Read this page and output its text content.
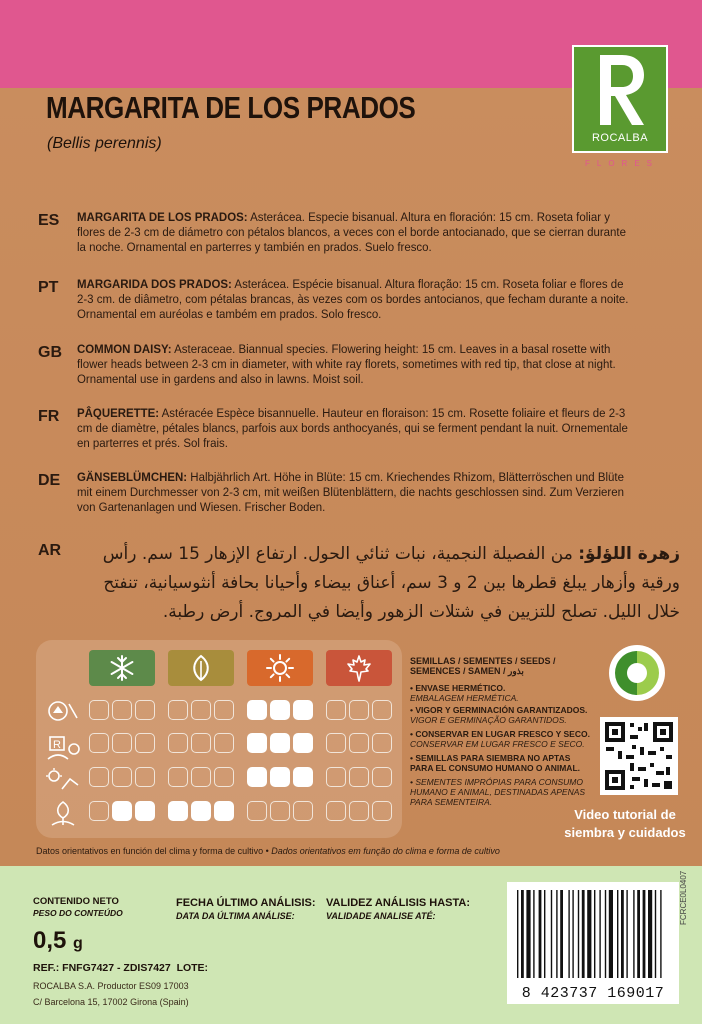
MARGARITA DE LOS PRADOS
(Bellis perennis)	ROCALBA
FLORES
ES MARGARITA DE LOS PRADOS: Asterácea. Especie bisanual. Altura en floración: 15 cm. Roseta foliar y flores de 2-3 cm de diámetro con pétalos blancos, a veces con el borde antocianado, que se cierran durante la noche. Ornamental en parterres y también en prados. Suelo fresco.
PT MARGARIDA DOS PRADOS: Asterácea. Espécie bisanual. Altura floração: 15 cm. Roseta foliar e flores de 2-3 cm. de diâmetro, com pétalas brancas, às vezes com os bordes antocianos, que fecham durante a noite. Ornamental em auréolas e também em prados. Solo fresco.
GB COMMON DAISY: Asteraceae. Biannual species. Flowering height: 15 cm. Leaves in a basal rosette with flower heads between 2-3 cm in diameter, with white ray florets, sometimes with red tip, that close at night. Ornamental use in gardens and also in lawns. Moist soil.
FR PÂQUERETTE: Astéracée Espèce bisannuelle. Hauteur en floraison: 15 cm. Rosette foliaire et fleurs de 2-3 cm de diamètre, pétales blancs, parfois aux bords anthocyanés, qui se ferment pendant la nuit. Ornementale en parterres et prés. Sol frais.
DE GÄNSEBLÜMCHEN: Halbjährlich Art. Höhe in Blüte: 15 cm. Kriechendes Rhizom, Blätterröschen und Blüte mit einem Durchmesser von 2-3 cm, mit weißen Blütenblättern, die nachts geschlossen sind. Zum Verzieren von Gartenanlagen und Wiesen. Frischer Boden.
AR	زهرة اللؤلؤ: من الفصيلة النجمية، نبات ثنائي الحول. ارتفاع الإزهار 15 سم. رأس ورقية وأزهار يبلغ قطرها بين 2 و 3 سم، أعناق بيضاء وأحيانا بحافة أنثوسيانية، تنفتح خلال الليل. تصلح للتزيين في شتلات الزهور وأيضا في المروج. أرض رطبة.
R
SEMILLAS / SEMENTES / SEEDS / SEMENCES / SAMEN / بذور
• ENVASE HERMÉTICO.
EMBALAGEM HERMÉTICA.
• VIGOR Y GERMINACIÓN GARANTIZADOS.
VIGOR E GERMINAÇÃO GARANTIDOS.
• CONSERVAR EN LUGAR FRESCO Y SECO.
CONSERVAR EM LUGAR FRESCO E SECO.
• SEMILLAS PARA SIEMBRA NO APTAS PARA EL CONSUMO HUMANO O ANIMAL.
• SEMENTES IMPRÓPIAS PARA CONSUMO HUMANO E ANIMAL, DESTINADAS APENAS PARA SEMENTEIRA.
Video tutorial de
siembra y cuidados
Datos orientativos en función del clima y forma de cultivo • Dados orientativos em função do clima e forma de cultivo
CONTENIDO NETO
PESO DO CONTEÚDO
0,5 g
FECHA ÚLTIMO ANÁLISIS:
DATA DA ÚLTIMA ANÁLISE:
VALIDEZ ANÁLISIS HASTA:
VALIDADE ANALISE ATÉ:
REF.: FNFG7427 - ZDIS7427 LOTE:
ROCALBA S.A. Productor ES09 17003
C/ Barcelona 15, 17002 Girona (Spain)	8 423737 169017
FCRCE0L0407
